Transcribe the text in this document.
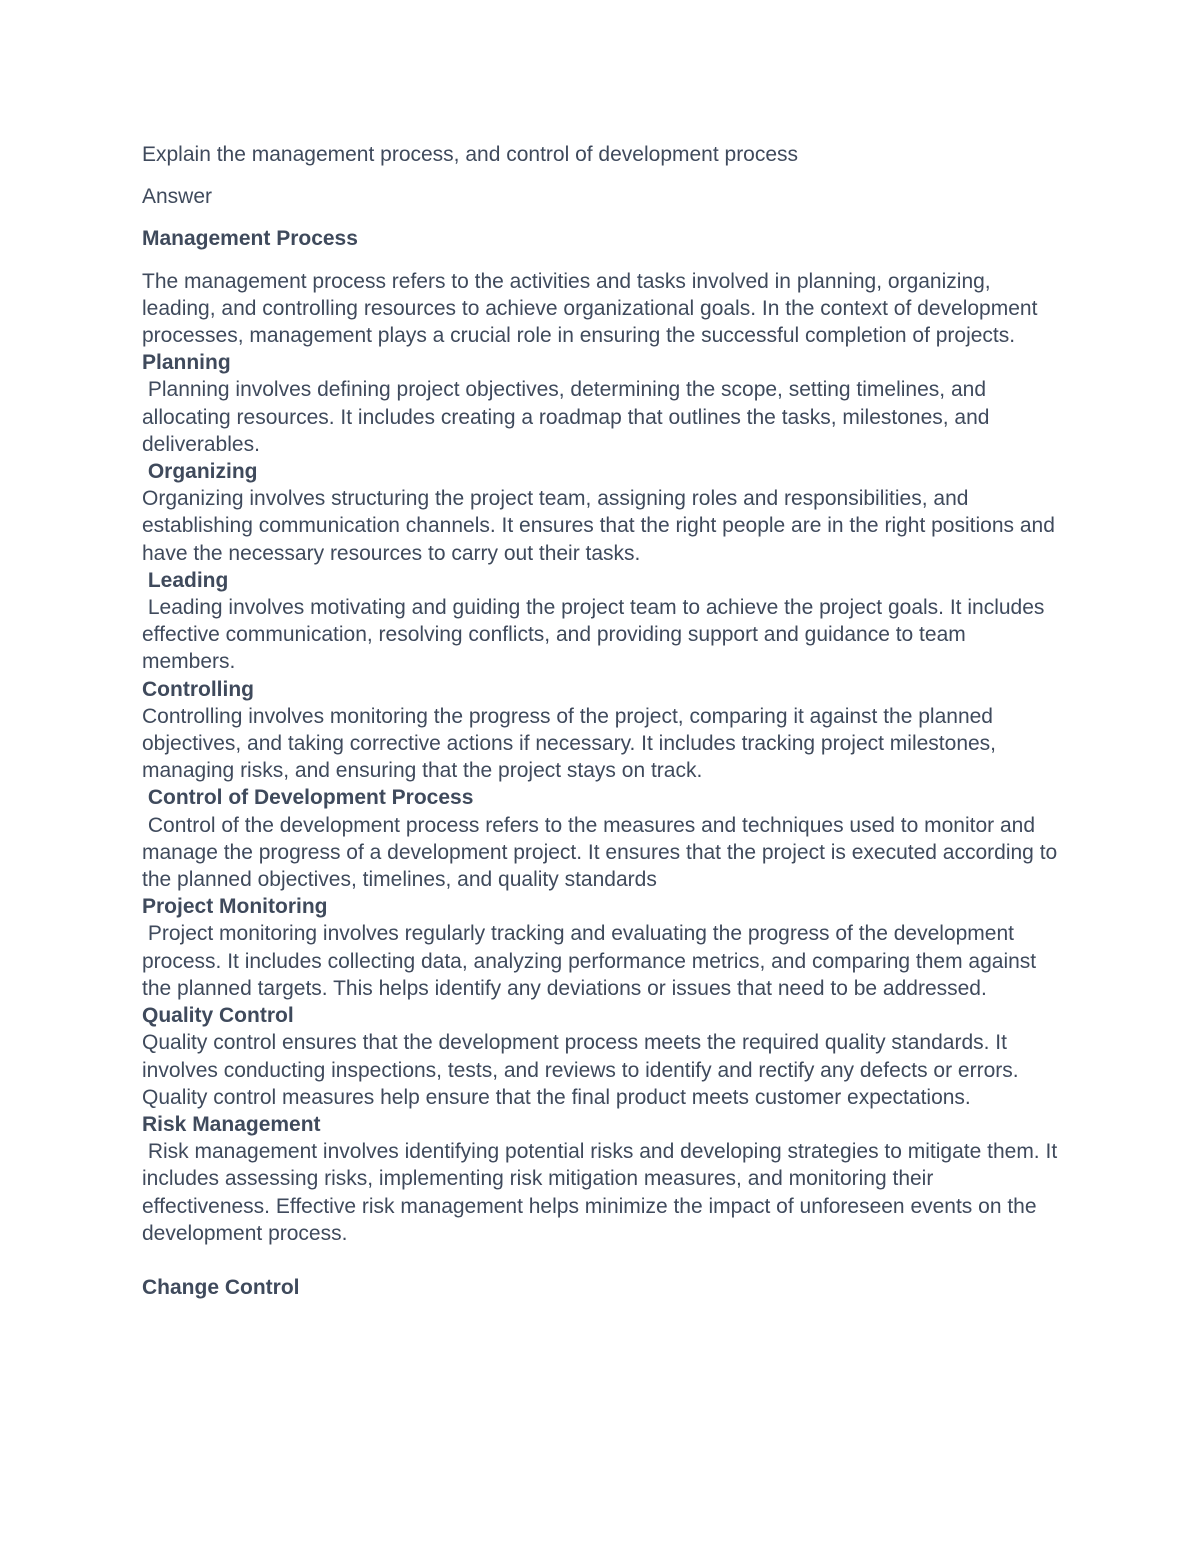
Explain the management process, and control of development process

Answer

Management Process

The management process refers to the activities and tasks involved in planning, organizing, leading, and controlling resources to achieve organizational goals. In the context of development processes, management plays a crucial role in ensuring the successful completion of projects.

Planning

Planning involves defining project objectives, determining the scope, setting timelines, and allocating resources. It includes creating a roadmap that outlines the tasks, milestones, and deliverables.

Organizing

Organizing involves structuring the project team, assigning roles and responsibilities, and establishing communication channels. It ensures that the right people are in the right positions and have the necessary resources to carry out their tasks.

Leading

Leading involves motivating and guiding the project team to achieve the project goals. It includes effective communication, resolving conflicts, and providing support and guidance to team members.

Controlling

Controlling involves monitoring the progress of the project, comparing it against the planned objectives, and taking corrective actions if necessary. It includes tracking project milestones, managing risks, and ensuring that the project stays on track.

Control of Development Process

Control of the development process refers to the measures and techniques used to monitor and manage the progress of a development project. It ensures that the project is executed according to the planned objectives, timelines, and quality standards

Project Monitoring

Project monitoring involves regularly tracking and evaluating the progress of the development process. It includes collecting data, analyzing performance metrics, and comparing them against the planned targets. This helps identify any deviations or issues that need to be addressed.

Quality Control

Quality control ensures that the development process meets the required quality standards. It involves conducting inspections, tests, and reviews to identify and rectify any defects or errors. Quality control measures help ensure that the final product meets customer expectations.

Risk Management

Risk management involves identifying potential risks and developing strategies to mitigate them. It includes assessing risks, implementing risk mitigation measures, and monitoring their effectiveness. Effective risk management helps minimize the impact of unforeseen events on the development process.

Change Control
